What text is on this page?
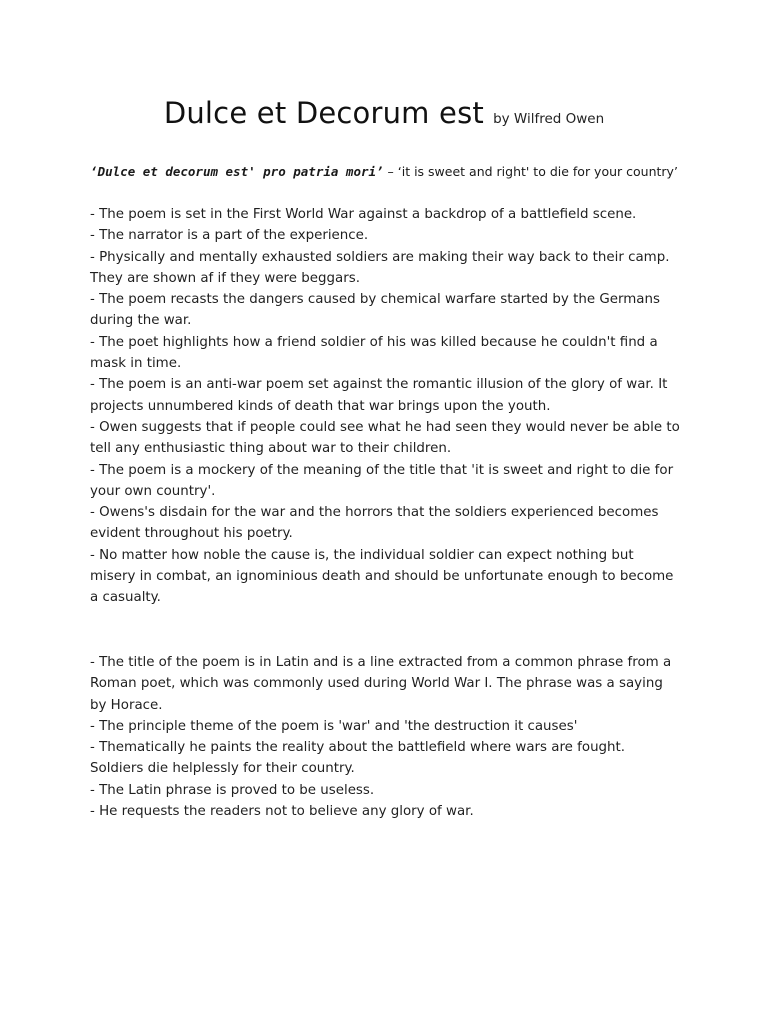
Dulce et Decorum est by Wilfred Owen
‘Dulce et decorum est' pro patria mori’ – ‘it is sweet and right' to die for your country’

- The poem is set in the First World War against a backdrop of a battlefield scene.

- The narrator is a part of the experience.

- Physically and mentally exhausted soldiers are making their way back to their camp. They are shown af if they were beggars.

- The poem recasts the dangers caused by chemical warfare started by the Germans during the war.

- The poet highlights how a friend soldier of his was killed because he couldn't find a mask in time.

- The poem is an anti-war poem set against the romantic illusion of the glory of war. It projects unnumbered kinds of death that war brings upon the youth.

- Owen suggests that if people could see what he had seen they would never be able to tell any enthusiastic thing about war to their children.

- The poem is a mockery of the meaning of the title that 'it is sweet and right to die for your own country'.

- Owens's disdain for the war and the horrors that the soldiers experienced becomes evident throughout his poetry.

- No matter how noble the cause is, the individual soldier can expect nothing but misery in combat, an ignominious death and should be unfortunate enough to become a casualty.

- The title of the poem is in Latin and is a line extracted from a common phrase from a Roman poet, which was commonly used during World War I. The phrase was a saying by Horace.

- The principle theme of the poem is 'war' and 'the destruction it causes'

- Thematically he paints the reality about the battlefield where wars are fought. Soldiers die helplessly for their country.

- The Latin phrase is proved to be useless.

- He requests the readers not to believe any glory of war.
